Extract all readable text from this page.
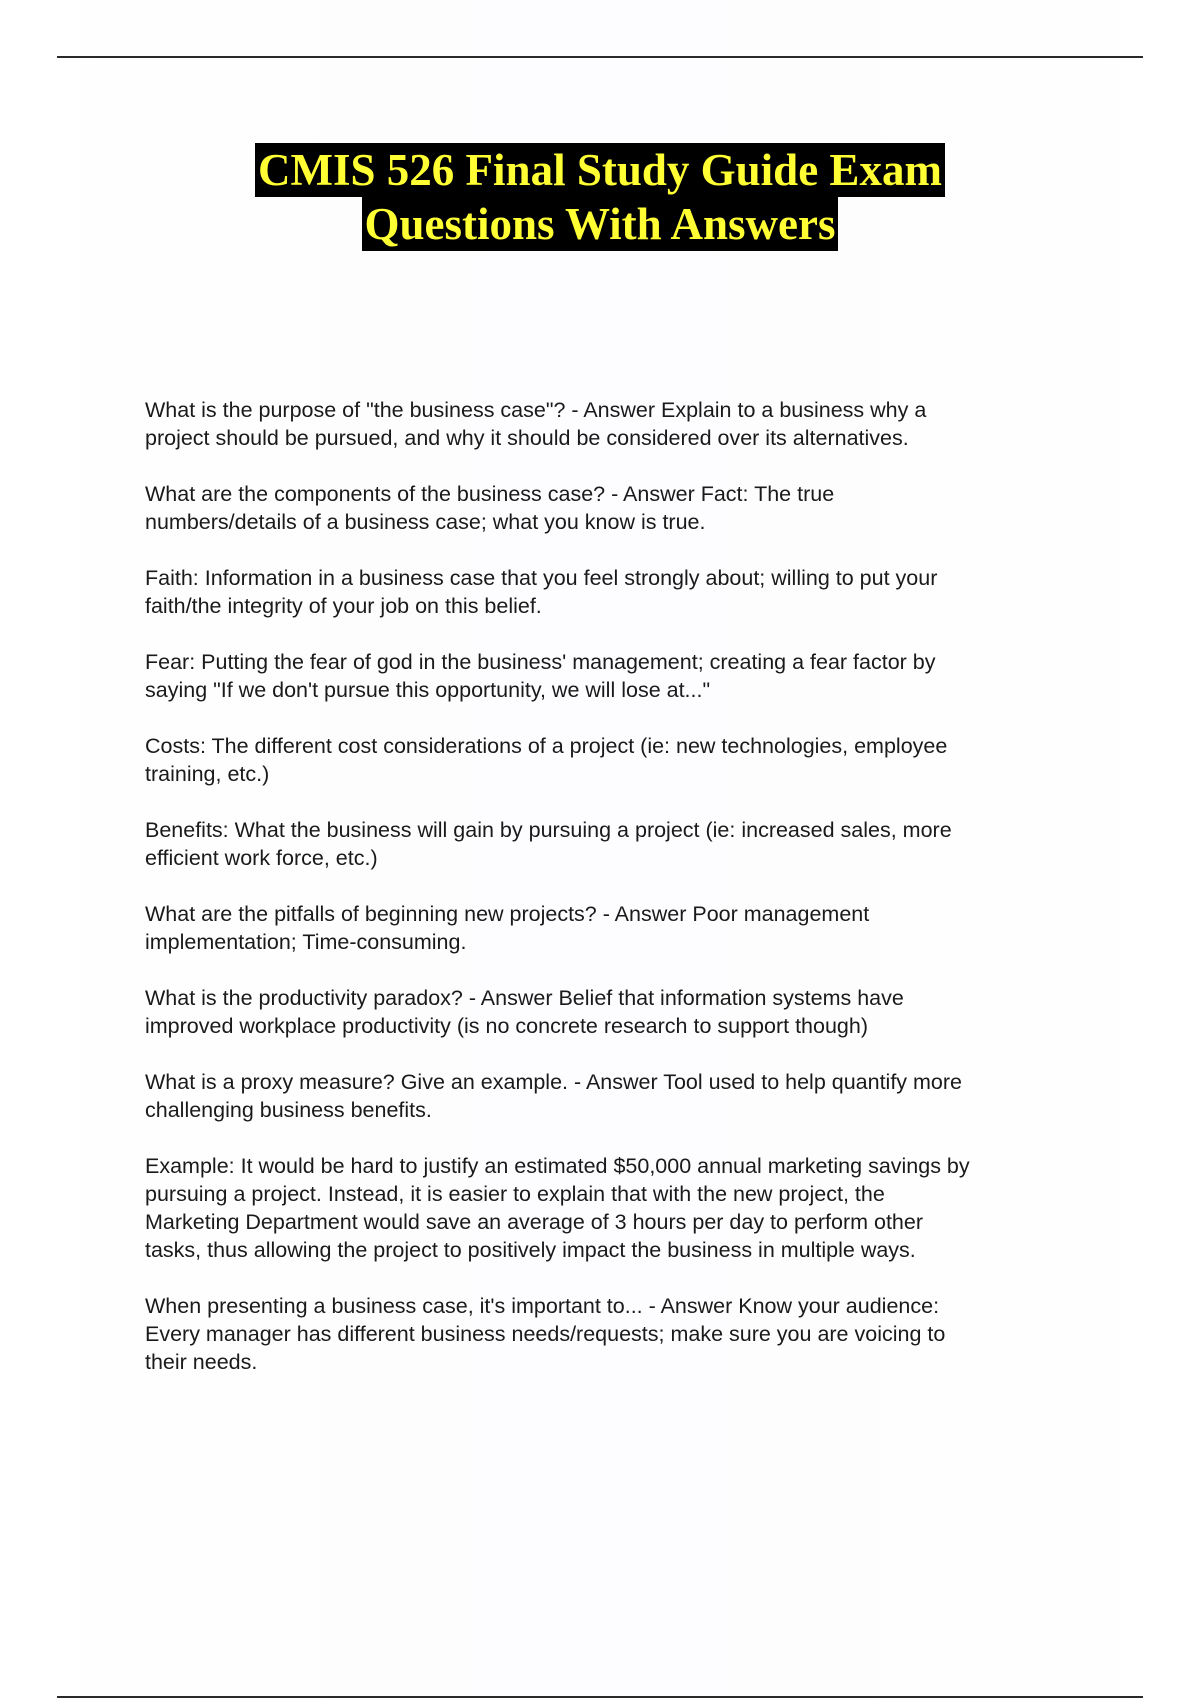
CMIS 526 Final Study Guide Exam
Questions With Answers

What is the purpose of "the business case"? - Answer Explain to a business why a
project should be pursued, and why it should be considered over its alternatives.

What are the components of the business case? - Answer Fact: The true
numbers/details of a business case; what you know is true.

Faith: Information in a business case that you feel strongly about; willing to put your
faith/the integrity of your job on this belief.

Fear: Putting the fear of god in the business' management; creating a fear factor by
saying "If we don't pursue this opportunity, we will lose at..."

Costs: The different cost considerations of a project (ie: new technologies, employee
training, etc.)

Benefits: What the business will gain by pursuing a project (ie: increased sales, more
efficient work force, etc.)

What are the pitfalls of beginning new projects? - Answer Poor management
implementation; Time-consuming.

What is the productivity paradox? - Answer Belief that information systems have
improved workplace productivity (is no concrete research to support though)

What is a proxy measure? Give an example. - Answer Tool used to help quantify more
challenging business benefits.

Example: It would be hard to justify an estimated $50,000 annual marketing savings by
pursuing a project. Instead, it is easier to explain that with the new project, the
Marketing Department would save an average of 3 hours per day to perform other
tasks, thus allowing the project to positively impact the business in multiple ways.

When presenting a business case, it's important to... - Answer Know your audience:
Every manager has different business needs/requests; make sure you are voicing to
their needs.
